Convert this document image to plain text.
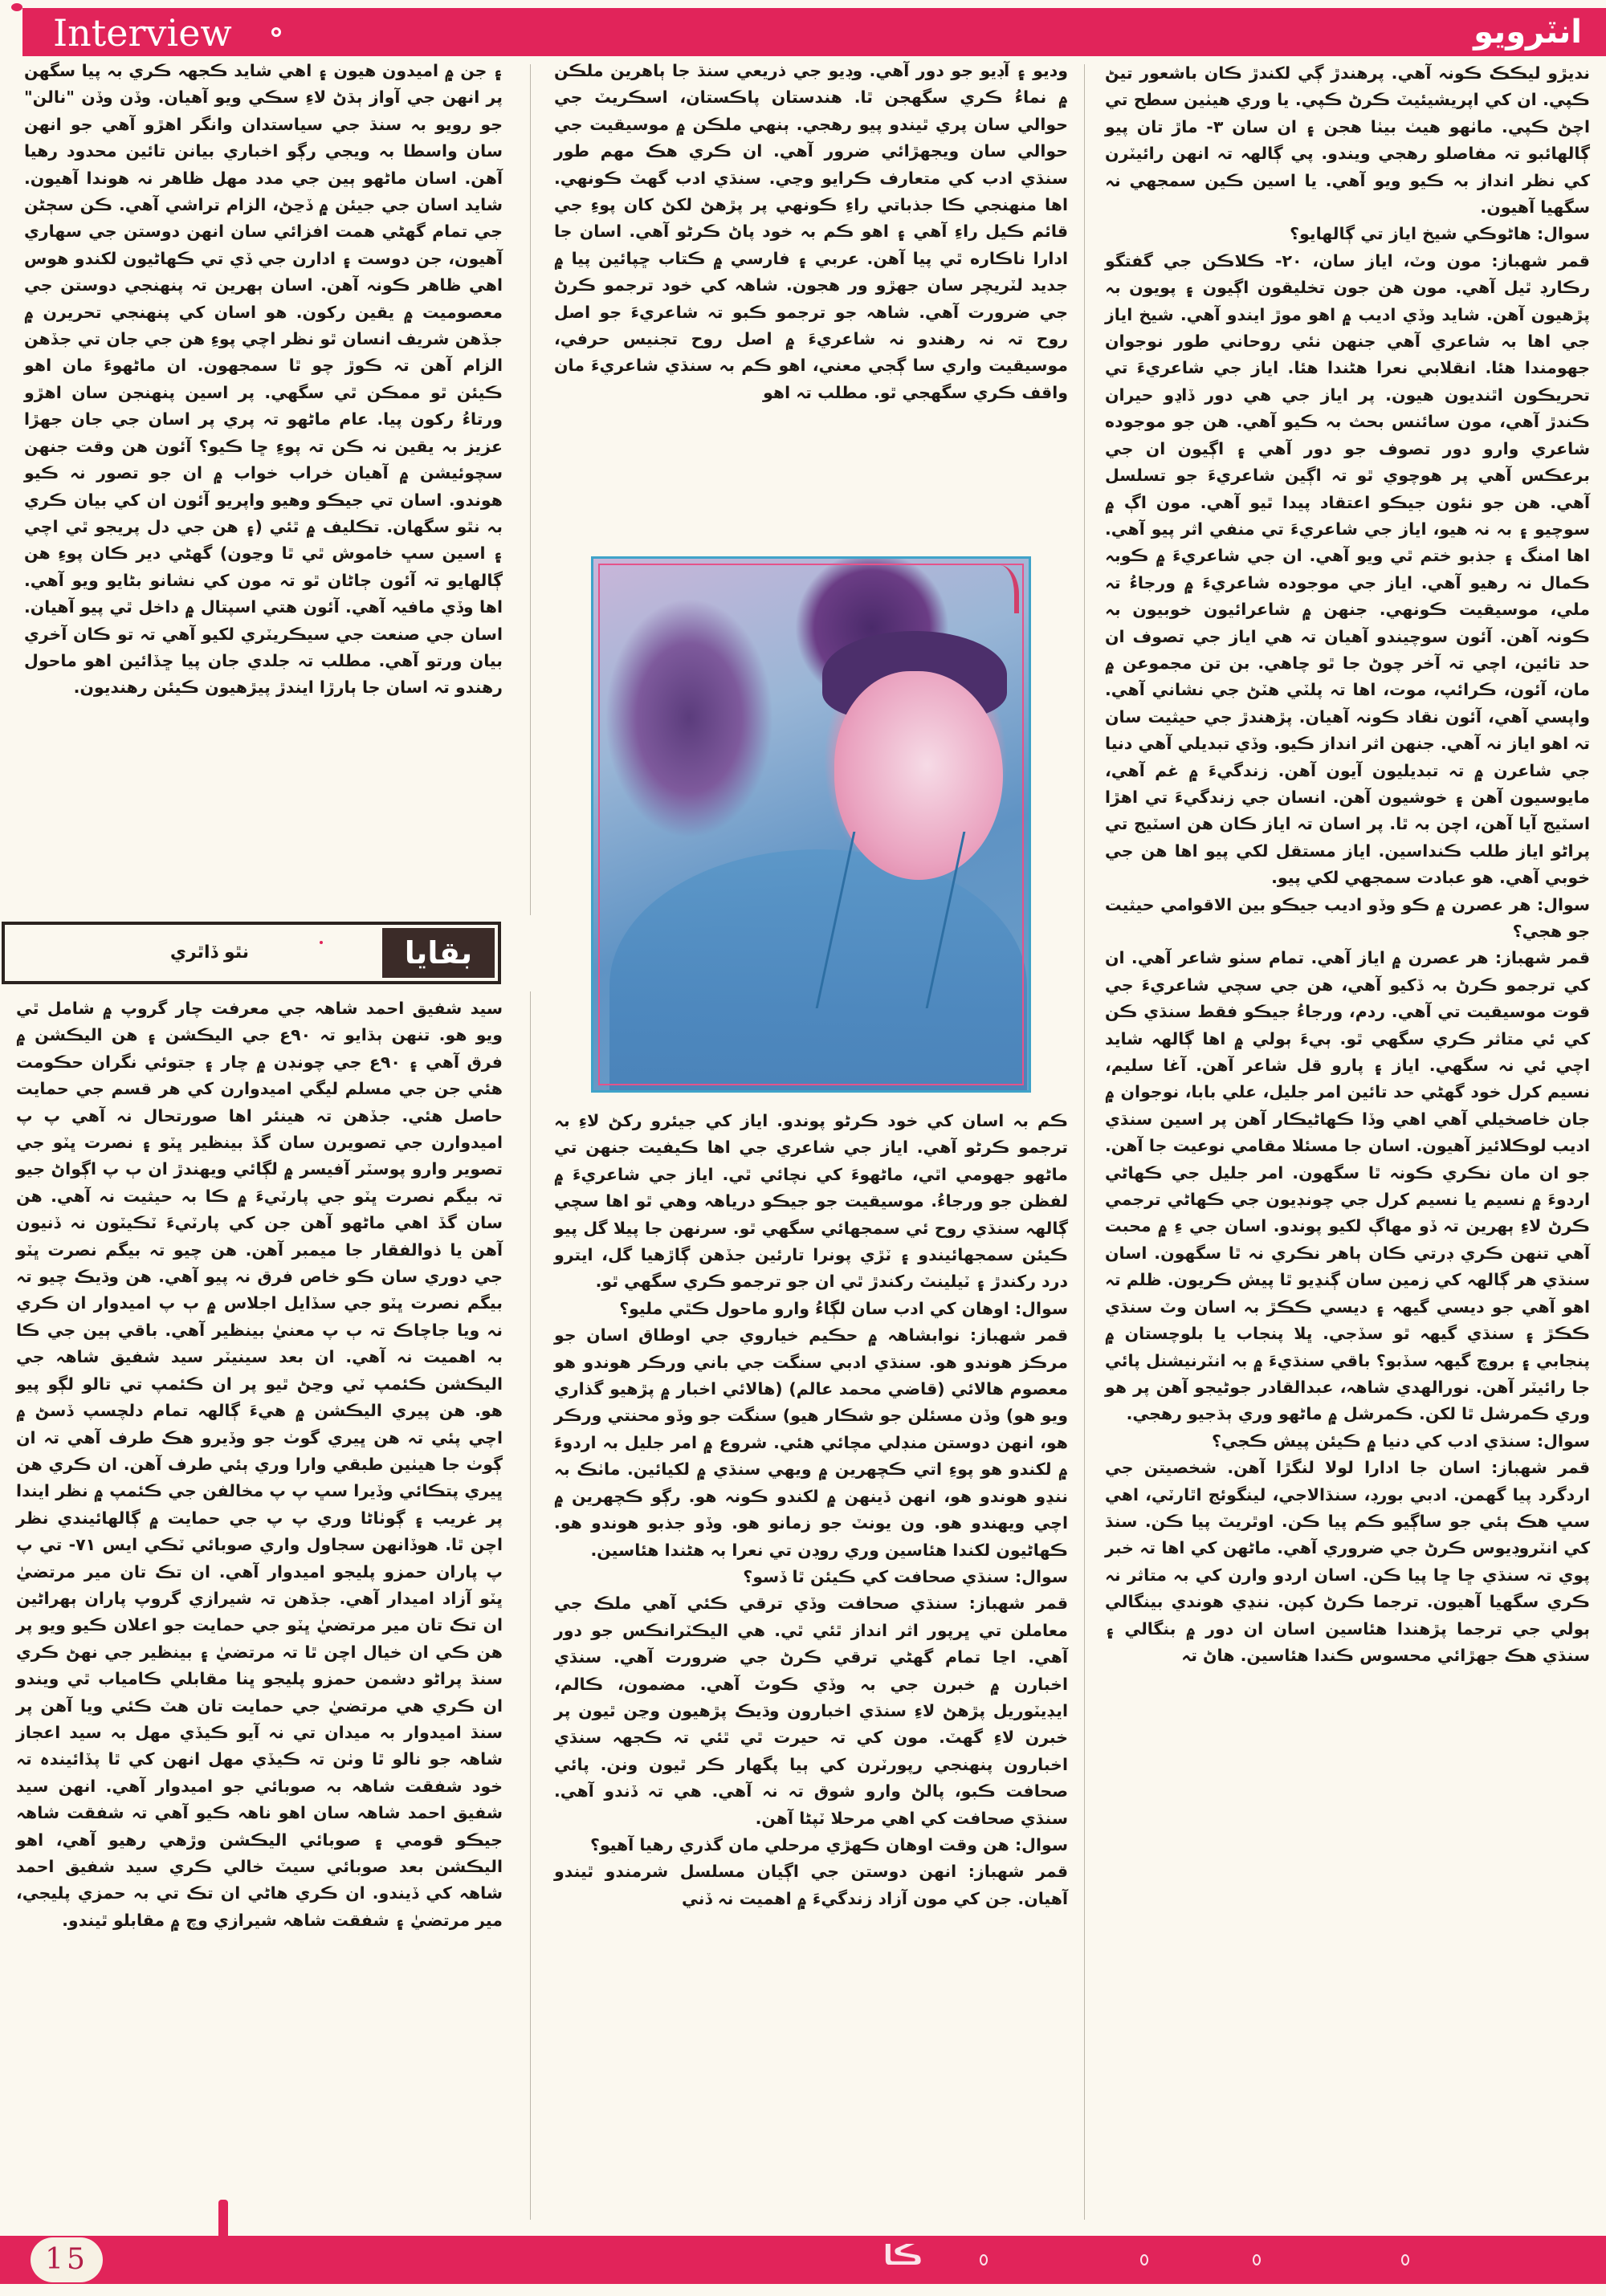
Interview	انٽرويو

نديڙو ليڪڪ ڪونہ آهي. پرهندڙ ڳي لکندڙ ڪان باشعور تيڻ ڪپي. ان کي اپريشيئيٽ ڪرڻ ڪپي. يا وري هيٺين سطح تي اچڻ ڪپي. ماٺهو هيٺ بيٺا هجن ۽ ان سان ٣- ماڙ تان پيو ڳالهائبو تہ مفاصلو رهجي ويندو. پي ڳالهہ تہ انهن رائيٽرن کي نظر انداز بہ ڪيو ويو آهي. يا اسين ڪين سمجهي نہ سگهيا آهيون.

سوال: هاڻوڪي شيخ اياز تي ڳالهايو؟

قمر شهباز: مون وٽ، اياز سان، ٢٠- ڪلاڪن جي گفتگو رڪارڊ ٿيل آهي. مون هن جون تخليقون اڳيون ۽ پويون بہ پڙهيون آهن. شايد وڏي اديب ۾ اهو موڙ ايندو آهي. شيخ اياز جي اها بہ شاعري آهي جنهن نئي روحاني طور نوجوان جهومندا هئا. انقلابي نعرا هڻندا هئا. اياز جي شاعريءَ تي تحريڪون اٿنديون هيون. پر اياز جي هي دور ڏاڍو حيران ڪندڙ آهي، مون سائنس بحث بہ ڪيو آهي. هن جو موجوده شاعري وارو دور تصوف جو دور آهي ۽ اڳيون ان جي برعڪس آهي پر هوچوي ٿو تہ اڳين شاعريءَ جو تسلسل آهي. هن جو نئون جيڪو اعتقاد پيدا ٿيو آهي. مون اڳ ۾ سوچيو ۽ بہ نہ هيو، اياز جي شاعريءَ تي منفي اثر پيو آهي. اها امنگ ۽ جذبو ختم ٿي ويو آهي. ان جي شاعريءَ ۾ ڪوبہ ڪمال نہ رهيو آهي. اياز جي موجوده شاعريءَ ۾ ورجاءُ تہ ملي، موسيقيت ڪونهي. جنهن ۾ شاعرائيون خوبيون بہ ڪونہ آهن. آئون سوچيندو آهيان تہ هي اياز جي تصوف ان حد تائين، اچي تہ آخر چوڻ جا ٿو چاهي. بن تن مجموعن ۾ مان، آئون، ڪرائپ، موت، اها تہ پلٽي هٽڻ جي نشاني آهي. واپسي آهي، آئون نقاد ڪونہ آهيان. پڙهندڙ جي حيثيت سان تہ اهو اياز نہ آهي. جنهن اثر انداز ڪيو. وڏي تبديلي آهي دنيا جي شاعرن ۾ تہ تبديليون آيون آهن. زندگيءَ ۾ غم آهي، مايوسيون آهن ۽ خوشيون آهن. انسان جي زندگيءَ تي اهڙا اسٽيج آيا آهن، اچن بہ ٿا. پر اسان تہ اياز ڪان هن اسٽيج تي پراڻو اياز طلب ڪنداسين. اياز مستقل لکي پيو اها هن جي خوبي آهي. هو عبادت سمجهي لکي پيو.

سوال: هر عصرن ۾ ڪو وڏو اديب جيڪو بين الاقوامي حيثيت جو هجي؟

قمر شهباز: هر عصرن ۾ اياز آهي. تمام سٺو شاعر آهي. ان کي ترجمو ڪرڻ بہ ڏکيو آهي، هن جي سچي شاعريءَ جي قوت موسيقيت تي آهي. ردم، ورجاءُ جيڪو فقط سنڌي ڪن کي ئي متاثر ڪري سگهي ٿو. ٻيءَ ٻولي ۾ اها ڳالهہ شايد اچي ئي نہ سگهي. اياز ۽ پارو قل شاعر آهن. آغا سليم، نسيم کرل خود گهڻي حد تائين امر جليل، علي بابا، نوجوان ۾ جان خاصخيلي آهي اهي وڏا ڪهاڻيڪار آهن پر اسين سنڌي اديب لوڪلائيز آهيون. اسان جا مسئلا مقامي نوعيت جا آهن. جو ان مان نڪري ڪونہ ٿا سگهون. امر جليل جي ڪهاڻي اردوءَ ۾ نسيم يا نسيم کرل جي چونڊيون جي ڪهاڻي ترجمي ڪرڻ لاءِ ٻهرين تہ ڏو مهاڳ لکيو پوندو. اسان جي ءِ ۾ محبت آهي تنهن ڪري ڊرتي ڪان ٻاهر نڪري نہ ٿا سگهون. اسان سنڌي هر ڳالهہ کي زمين سان ڳنڍيو ٿا پيش ڪريون. ظلم تہ اهو آهي جو ديسي گيهہ ۽ ديسي ڪڪڙ بہ اسان وٽ سنڌي ڪڪڙ ۽ سنڌي گيهہ ٿو سڏجي. ڀلا پنجاب يا بلوچستان ۾ پنجابي ۽ بروچ گيهہ سڏبو؟ باقي سنڌيءَ ۾ بہ انٽرنيشنل پائي جا رائيٽر آهن. نورالهدي شاهہ، عبدالقادر جوڻيجو آهن پر هو وري ڪمرشل ٿا لکن. ڪمرشل ۾ ماڻهو وري ٻڌجيو رهجي.

سوال: سنڌي ادب کي دنيا ۾ ڪيئن پيش ڪجي؟

قمر شهباز: اسان جا ادارا لولا لنگڙا آهن. شخصيتن جي اردگرد پيا گهمن. ادبي بورڊ، سنڌالاجي، لينگوئج اٿارٽي، اهي سڀ هڪ ٻئي جو ساڳيو ڪم پيا ڪن. اوٿريٽ پيا ڪن. سنڌ کي انٽروڊيوس ڪرڻ جي ضروري آهي. ماڻهن کي اها تہ خبر پوي تہ سنڌي ڇا ڇا پيا ڪن. اسان اردو وارن کي بہ متاثر نہ ڪري سگهيا آهيون. ترجما ڪرڻ کپن. ننڍي هوندي بينگالي ٻولي جي ترجما پڙهندا هئاسين اسان ان دور ۾ بنگالي ۽ سنڌي هڪ جهڙائي محسوس ڪندا هئاسين. هاڻ تہ

وديو ۽ آڊيو جو دور آهي. وڊيو جي ذريعي سنڌ جا ٻاهرين ملڪن ۾ نماءُ ڪري سگهجن ٿا. هندستان پاڪستان، اسڪريٽ جي حوالي سان پري ٿيندو پيو رهجي. ٻنهي ملڪن ۾ موسيقيت جي حوالي سان ويجهڙائي ضرور آهي. ان ڪري هڪ مهم طور سنڌي ادب کي متعارف ڪرايو وڃي. سنڌي ادب گهٽ ڪونهي. اها منهنجي ڪا جذباتي راءِ ڪونهي پر پڙهڻ لکڻ کان پوءِ جي قائم ڪيل راءِ آهي ۽ اهو ڪم بہ خود پاڻ ڪرڻو آهي. اسان جا ادارا ناڪاره ٿي پيا آهن. عربي ۽ فارسي ۾ ڪتاب ڇپائين پيا ۾ جديد لٽريچر سان جهڙو ور هجون. شاهہ کي خود ترجمو ڪرڻ جي ضرورت آهي. شاهہ جو ترجمو ڪبو تہ شاعريءَ جو اصل روح تہ نہ رهندو نہ شاعريءَ ۾ اصل روح تجنيس حرفي، موسيقيت واري سا ڳجي معني، اهو ڪم بہ سنڌي شاعريءَ مان واقف ڪري سگهجي ٿو. مطلب تہ اهو

ڪم بہ اسان کي خود ڪرڻو پوندو. اياز کي جيئرو رکڻ لاءِ بہ ترجمو ڪرڻو آهي. اياز جي شاعري جي اها ڪيفيت جنهن تي ماڻهو جهومي اٿي، ماڻهوءَ کي نچائي ٿي. اياز جي شاعريءَ ۾ لفظن جو ورجاءُ. موسيقيت جو جيڪو درياهہ وهي ٿو اها سچي ڳالهہ سنڌي روح ئي سمجهائي سگهي ٿو. سرنهن جا پيلا گل پيو ڪيئن سمجهائيندو ۽ ٽڙي پونرا تارئين جڏهن ڳاڙهيا گل، ايترو درد رکندڙ ۽ ٽيلينٽ رکندڙ ٿي ان جو ترجمو ڪري سگهي ٿو.

سوال: اوهان کي ادب سان لڳاءُ وارو ماحول ڪٿي مليو؟

قمر شهباز: نوابشاهہ ۾ حڪيم خياروي جي اوطاق اسان جو مرڪز هوندو هو. سنڌي ادبي سنگت جي باني ورڪر هوندو هو معصوم هالائي (قاضي محمد عالم) (هالائي اخبار ۾ پڙهيو گذاري ويو هو) وڏن مسئلن جو شڪار هيو) سنگت جو وڏو محنتي ورڪر هو، انهن دوستن منڊلي مچائي هئي. شروع ۾ امر جليل بہ اردوءَ ۾ لکندو هو پوءِ اتي ڪچهرين ۾ ويهي سنڌي ۾ لکيائين. ماٺڪ بہ ننڍو هوندو هو، انهن ڏينهن ۾ لکندو ڪونہ هو. رڳو ڪچهرين ۾ اچي ويهندو هو. ون يونٽ جو زمانو هو. وڏو جذبو هوندو هو. ڪهاڻيون لکندا هئاسين وري روڊن تي نعرا بہ هڻندا هئاسين.

سوال: سنڌي صحافت کي ڪيئن ٿا ڏسو؟

قمر شهباز: سنڌي صحافت وڏي ترقي ڪئي آهي ملڪ جي معاملن تي ڀرپور اثر انداز ٿئي ٿي. هي اليڪٽرانڪس جو دور آهي. اڃا تمام گهڻي ترقي ڪرڻ جي ضرورت آهي. سنڌي اخبارن ۾ خبرن جي بہ وڏي ڪوٽ آهي. مضمون، ڪالم، ايڊيٽوريل پڙهڻ لاءِ سنڌي اخبارون وڌيڪ پڙهيون وڃن ٿيون پر خبرن لاءِ گهٽ. مون کي تہ حيرت ٿي ٿئي تہ ڪجهہ سنڌي اخبارون پنهنجي رپورٽرن کي ٻيا پگهار ڪر ٿيون ونن. پائي صحافت ڪبو، پالڻ وارو شوق تہ نہ آهي. هي تہ ڏندو آهي. سنڌي صحافت کي اهي مرحلا ٽپڻا آهن.

سوال: هن وقت اوهان ڪهڙي مرحلي مان گذري رهيا آهيو؟

قمر شهباز: انهن دوستن جي اڳيان مسلسل شرمندو ٿيندو آهيان. جن کي مون آزاد زندگيءَ ۾ اهميت نہ ڏني

۽ جن ۾ اميدون هيون ۽ اهي شايد ڪجهہ ڪري بہ پيا سگهن پر انهن جي آواز ٻڌڻ لاءِ سڪي ويو آهيان. وڏن وڏن "نالن" جو رويو بہ سنڌ جي سياستدان وانگر اهڙو آهي جو انهن سان واسطا بہ ويجي رڳو اخباري بيانن تائين محدود رهيا آهن. اسان ماڻهو ٻين جي مدد مهل ظاهر نہ هوندا آهيون. شايد اسان جي جيئن ۾ ڏڃڻ، الزام تراشي آهي. ڪن سڄڻن جي تمام گهڻي همت افزائي سان انهن دوستن جي سهاري آهيون، جن دوست ۽ ادارن جي ڏي تي ڪهاڻيون لکندو هوس اهي ظاهر ڪونہ آهن. اسان ٻهرين تہ پنهنجي دوستن جي معصوميت ۾ يقين رکون. هو اسان کي پنهنجي تحريرن ۾ جڏهن شريف انسان ٿو نظر اچي پوءِ هن جي جان تي جڏهن الزام آهن تہ ڪوڙ چو ٿا سمجهون. ان ماڻهوءَ مان اهو ڪيئن ٿو ممڪن ٿي سگهي. پر اسين پنهنجن سان اهڙو ورتاءُ رکون پيا. عام ماڻهو تہ پري پر اسان جي جان جهڙا عزيز بہ يقين نہ ڪن تہ پوءِ ڇا ڪيو؟ آئون هن وقت جنهن سچوئيشن ۾ آهيان خراب خواب ۾ ان جو تصور نہ ڪيو هوندو. اسان تي جيڪو وهيو واپريو آئون ان کي بيان ڪري بہ نٿو سگهان. تڪليف ۾ ٿئي (۽ هن جي دل پريجو ٿي اچي ۽ اسين سڀ خاموش ٿي ٿا وڃون) گهڻي دير ڪان پوءِ هن ڳالهايو تہ آئون ڄاڻان ٿو تہ مون کي نشانو بڻايو ويو آهي. اها وڏي مافيہ آهي. آئون هتي اسپتال ۾ داخل ٿي پيو آهيان. اسان جي صنعت جي سيڪريٽري لکيو آهي تہ تو ڪان آخري بيان ورتو آهي. مطلب تہ جلدي جان پيا ڇڏائين اهو ماحول رهندو تہ اسان جا ٻارڙا ايندڙ پيڙهيون ڪيئن رهنديون.

بقايا
نٿو ڏاٿري

سيد شفيق احمد شاهہ جي معرفت چار گروپ ۾ شامل ٿي ويو هو. تنهن ٻڌايو تہ ٩٠ع جي اليڪشن ۽ هن اليڪشن ۾ فرق آهي ۽ ٩٠ع جي چونڊن ۾ چار ۽ جتوئي نگران حڪومت هئي جن جي مسلم ليگي اميدوارن کي هر قسم جي حمايت حاصل هئي. جڏهن تہ هينئر اها صورتحال نہ آهي پ پ اميدوارن جي تصويرن سان گڏ بينظير ڀٽو ۽ نصرت ڀٽو جي تصوير وارو پوسٽر آفيسر ۾ لڳائي ويهندڙ ان ٻ پ اڳواڻ جيو تہ بيگم نصرت ڀٽو جي پارٽيءَ ۾ ڪا بہ حيثيت نہ آهي. هن سان گڏ اهي ماڻهو آهن جن کي پارٽيءَ ٽڪيٽون نہ ڏنيون آهن يا ذوالفقار جا ميمبر آهن. هن چيو تہ بيگم نصرت ڀٽو جي دوري سان ڪو خاص فرق نہ پيو آهي. هن وڌيڪ چيو تہ بيگم نصرت ڀٽو جي سڏايل اجلاس ۾ ٻ پ اميدوار ان ڪري نہ ويا جاچاڪ تہ ٻ پ معنيٰ بينظير آهي. باقي ٻين جي ڪا بہ اهميت نہ آهي. ان بعد سينيٽر سيد شفيق شاهہ جي اليڪشن ڪئمپ ٽي وڃڻ ٿيو پر ان ڪئمپ تي تالو لڳو پيو هو. هن پيري اليڪشن ۾ هيءَ ڳالهہ تمام دلچسپ ڏسڻ ۾ اچي پئي تہ هن ڀيري گوٺ جو وڏيرو هڪ طرف آهي تہ ان ڳوٺ جا هيٺين طبقي وارا وري ٻئي طرف آهن. ان ڪري هن ڀيري پتڪائي وڏيرا سڀ پ پ مخالفن جي ڪئمپ ۾ نظر ايندا پر غريب ۽ ڳوٺاڻا وري پ پ جي حمايت ۾ ڳالهائيندي نظر اچن ٿا. هوڏانهن سجاول واري صوبائي ٽڪي ايس ٧١- تي پ پ پاران حمزو پليجو اميدوار آهي. ان تڪ تان مير مرتضيٰ ڀٽو آزاد اميدار آهي. جڏهن تہ شيرازي گروپ پاران ٻهراڻين ان تڪ تان مير مرتضيٰ ڀٽو جي حمايت جو اعلان ڪيو ويو پر هن ڪي ان خيال اچن ٿا تہ مرتضيٰ ۽ بينظير جي نهڻ ڪري سنڌ پراڻو دشمن حمزو پليجو ڀنا مقابلي ڪامياب ٿي ويندو ان ڪري هي مرتضيٰ جي حمايت تان هٽ ڪئي ويا آهن پر سنڌ اميدوار بہ ميدان تي نہ آيو ڪيڏي مهل بہ سيد اعجاز شاهہ جو نالو ٿا وٺن تہ ڪيڏي مهل انهن کي ٿا پڏائيندہ تہ خود شفقت شاهہ بہ صوبائي جو اميدوار آهي. انهن سيد شفيق احمد شاهہ سان اهو ناهہ ڪيو آهي تہ شفقت شاهہ جيڪو قومي ۽ صوبائي اليڪشن وڙهي رهيو آهي، اهو اليڪشن بعد صوبائي سيٽ خالي ڪري سيد شفيق احمد شاهہ کي ڏيندو. ان ڪري هاڻي ان تڪ تي بہ حمزي پليجي، مير مرتضيٰ ۽ شفقت شاهہ شيرازي وچ ۾ مقابلو ٿيندو.

15	ڪا
